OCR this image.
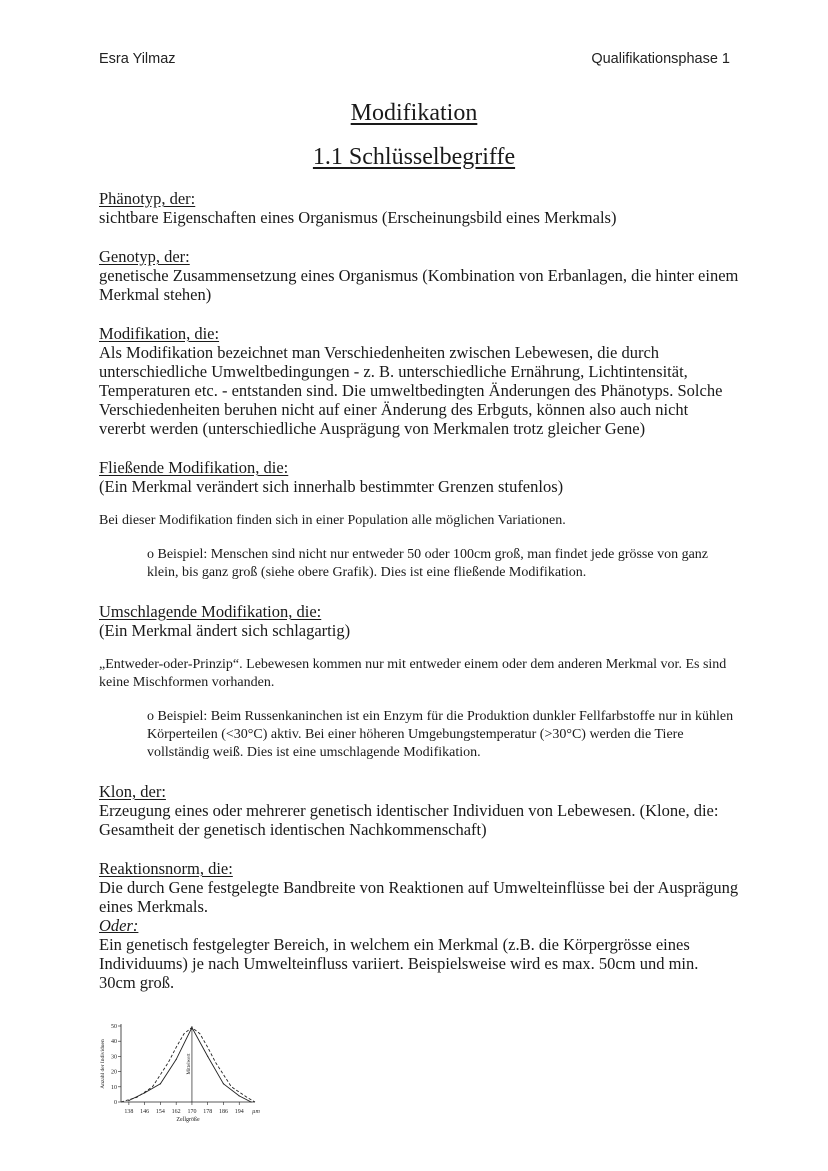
Esra Yilmaz	Qualifikationsphase 1
Modifikation
1.1 Schlüsselbegriffe
Phänotyp, der:
sichtbare Eigenschaften eines Organismus (Erscheinungsbild eines Merkmals)
Genotyp, der:
genetische Zusammensetzung eines Organismus (Kombination von Erbanlagen, die hinter einem Merkmal stehen)
Modifikation, die:
Als Modifikation bezeichnet man Verschiedenheiten zwischen Lebewesen, die durch unterschiedliche Umweltbedingungen - z. B. unterschiedliche Ernährung, Lichtintensität, Temperaturen etc. - entstanden sind. Die umweltbedingten Änderungen des Phänotyps. Solche Verschiedenheiten beruhen nicht auf einer Änderung des Erbguts, können also auch nicht vererbt werden (unterschiedliche Ausprägung von Merkmalen trotz gleicher Gene)
Fließende Modifikation, die:
(Ein Merkmal verändert sich innerhalb bestimmter Grenzen stufenlos)
Bei dieser Modifikation finden sich in einer Population alle möglichen Variationen.
o Beispiel: Menschen sind nicht nur entweder 50 oder 100cm groß, man findet jede grösse von ganz klein, bis ganz groß (siehe obere Grafik). Dies ist eine fließende Modifikation.
Umschlagende Modifikation, die:
(Ein Merkmal ändert sich schlagartig)
„Entweder-oder-Prinzip“. Lebewesen kommen nur mit entweder einem oder dem anderen Merkmal vor. Es sind keine Mischformen vorhanden.
o Beispiel: Beim Russenkaninchen ist ein Enzym für die Produktion dunkler Fellfarbstoffe nur in kühlen Körperteilen (<30°C) aktiv. Bei einer höheren Umgebungstemperatur (>30°C) werden die Tiere vollständig weiß. Dies ist eine umschlagende Modifikation.
Klon, der:
Erzeugung eines oder mehrerer genetisch identischer Individuen von Lebewesen. (Klone, die: Gesamtheit der genetisch identischen Nachkommenschaft)
Reaktionsnorm, die:
Die durch Gene festgelegte Bandbreite von Reaktionen auf Umwelteinflüsse bei der Ausprägung eines Merkmals.
Oder:
Ein genetisch festgelegter Bereich, in welchem ein Merkmal (z.B. die Körpergrösse eines Individuums) je nach Umwelteinfluss variiert. Beispielsweise wird es max. 50cm und min. 30cm groß.
138 146 154 162 170 178 186 194 µm
0
10
20
30
40
50
Zellgröße
Anzahl der Individuen	Mittelwert
